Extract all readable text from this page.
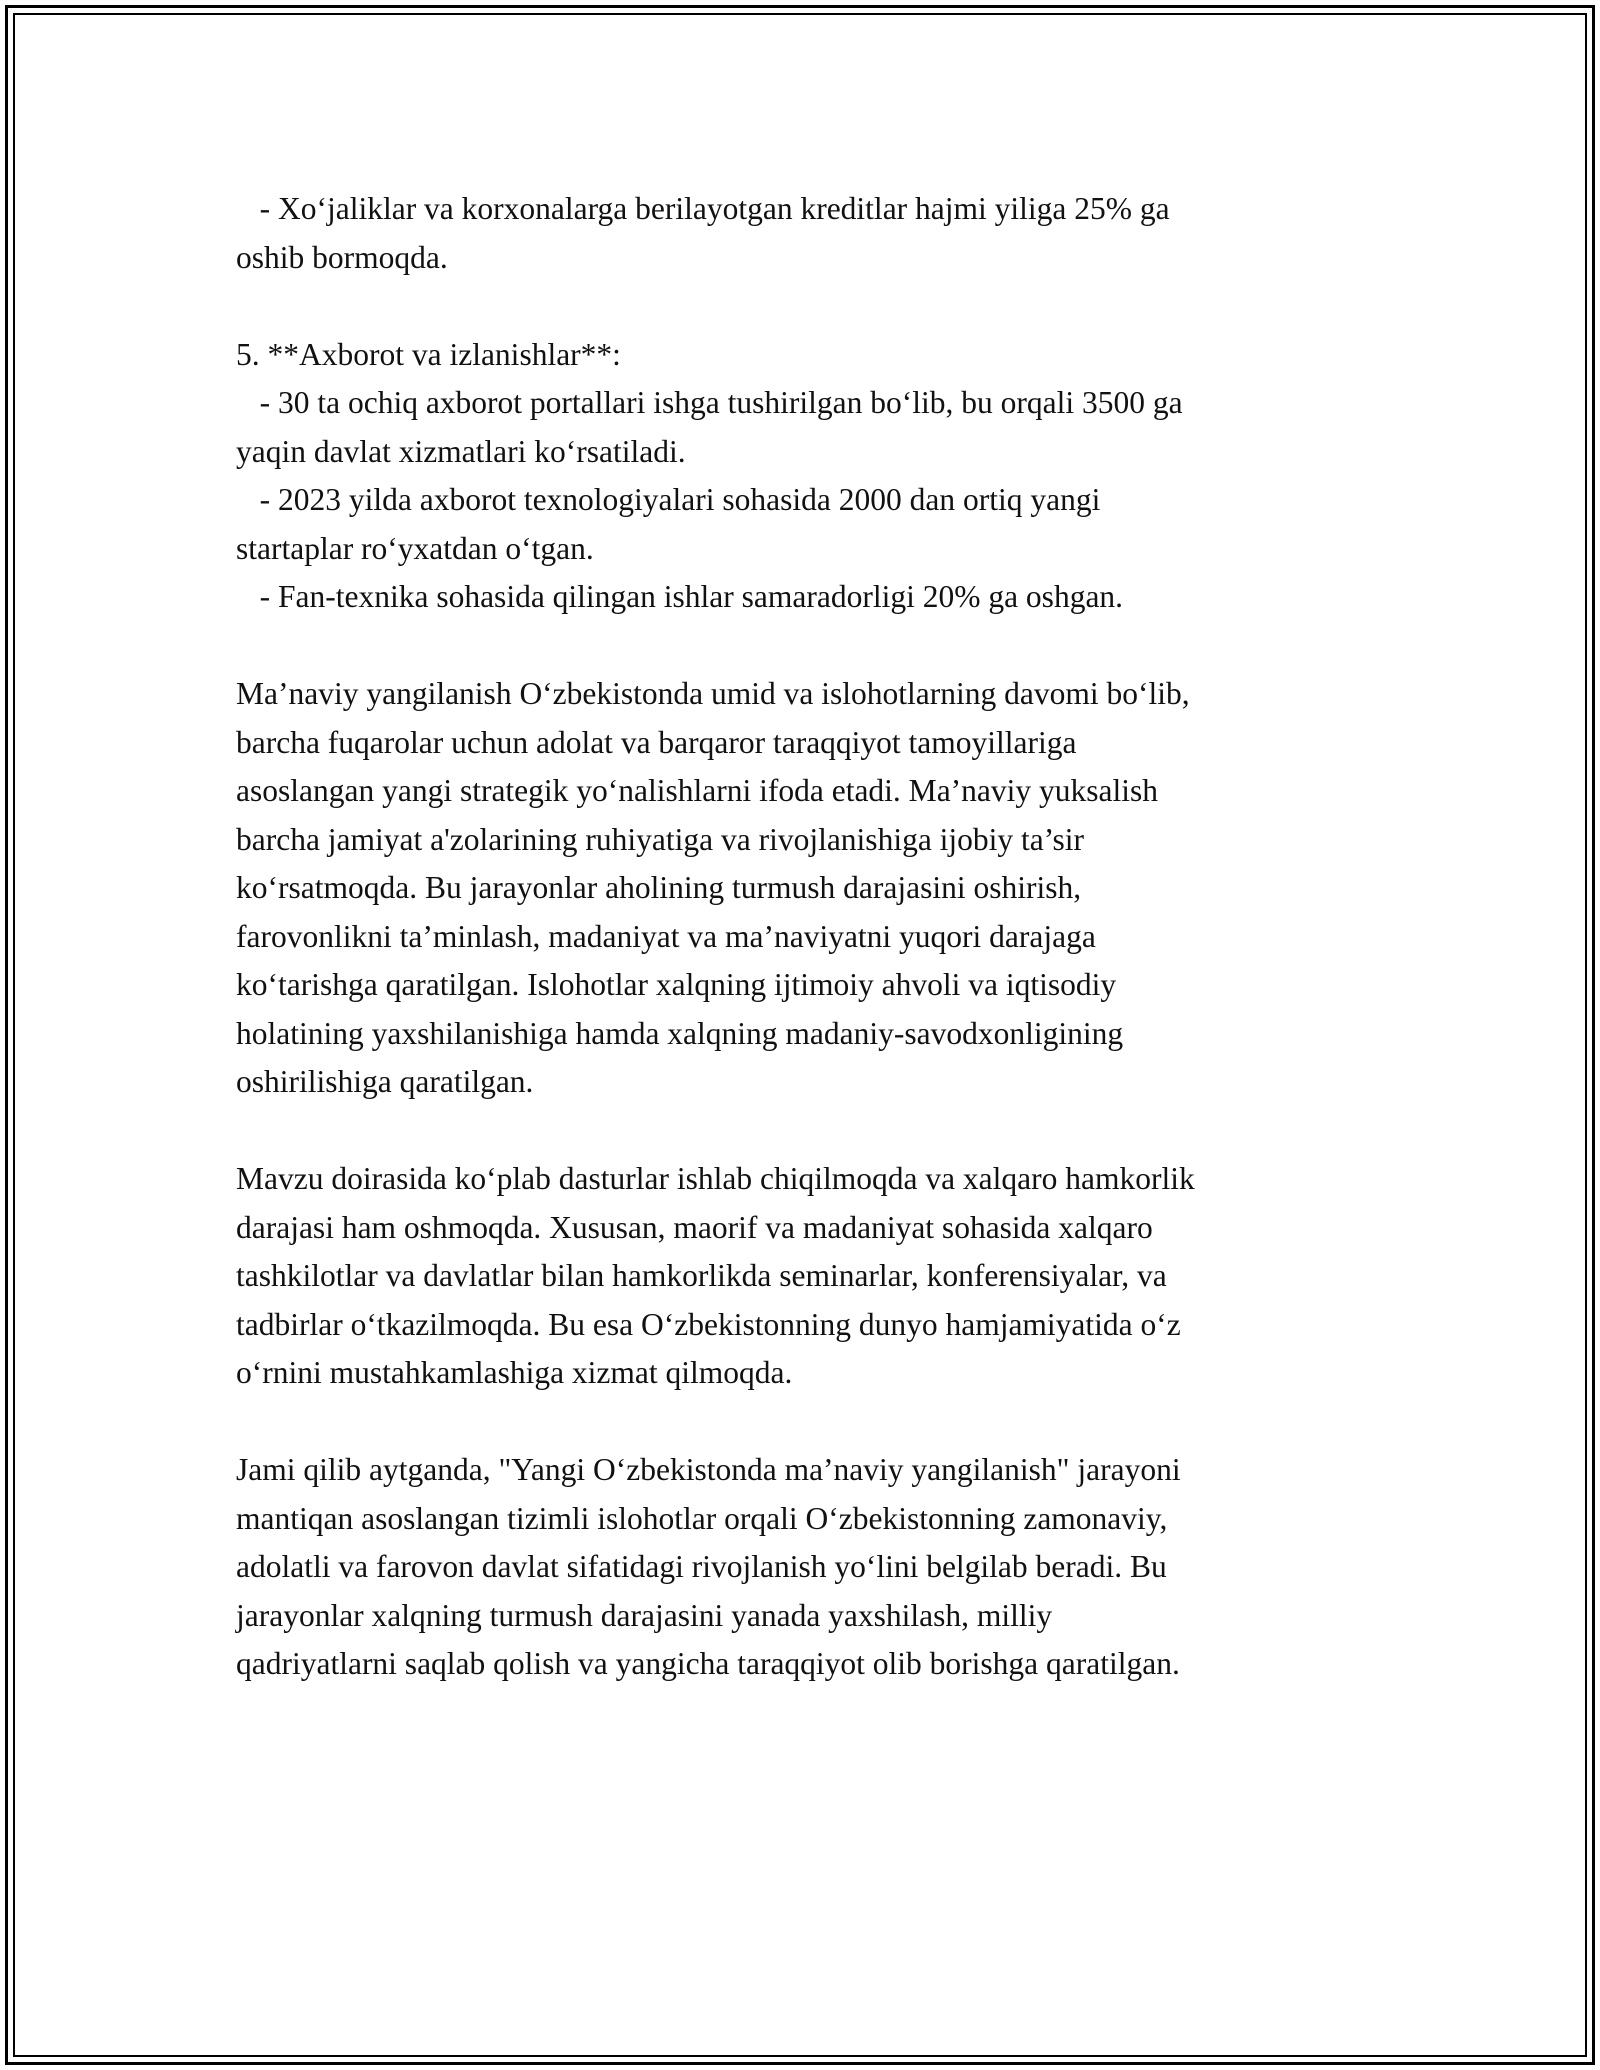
- Xo‘jaliklar va korxonalarga berilayotgan kreditlar hajmi yiliga 25% ga
oshib bormoqda.
5. **Axborot va izlanishlar**:
- 30 ta ochiq axborot portallari ishga tushirilgan bo‘lib, bu orqali 3500 ga
yaqin davlat xizmatlari ko‘rsatiladi.
- 2023 yilda axborot texnologiyalari sohasida 2000 dan ortiq yangi
startaplar ro‘yxatdan o‘tgan.
- Fan-texnika sohasida qilingan ishlar samaradorligi 20% ga oshgan.
Ma’naviy yangilanish O‘zbekistonda umid va islohotlarning davomi bo‘lib,
barcha fuqarolar uchun adolat va barqaror taraqqiyot tamoyillariga
asoslangan yangi strategik yo‘nalishlarni ifoda etadi. Ma’naviy yuksalish
barcha jamiyat a'zolarining ruhiyatiga va rivojlanishiga ijobiy ta’sir
ko‘rsatmoqda. Bu jarayonlar aholining turmush darajasini oshirish,
farovonlikni ta’minlash, madaniyat va ma’naviyatni yuqori darajaga
ko‘tarishga qaratilgan. Islohotlar xalqning ijtimoiy ahvoli va iqtisodiy
holatining yaxshilanishiga hamda xalqning madaniy-savodxonligining
oshirilishiga qaratilgan.
Mavzu doirasida ko‘plab dasturlar ishlab chiqilmoqda va xalqaro hamkorlik
darajasi ham oshmoqda. Xususan, maorif va madaniyat sohasida xalqaro
tashkilotlar va davlatlar bilan hamkorlikda seminarlar, konferensiyalar, va
tadbirlar o‘tkazilmoqda. Bu esa O‘zbekistonning dunyo hamjamiyatida o‘z
o‘rnini mustahkamlashiga xizmat qilmoqda.
Jami qilib aytganda, "Yangi O‘zbekistonda ma’naviy yangilanish" jarayoni
mantiqan asoslangan tizimli islohotlar orqali O‘zbekistonning zamonaviy,
adolatli va farovon davlat sifatidagi rivojlanish yo‘lini belgilab beradi. Bu
jarayonlar xalqning turmush darajasini yanada yaxshilash, milliy
qadriyatlarni saqlab qolish va yangicha taraqqiyot olib borishga qaratilgan.
